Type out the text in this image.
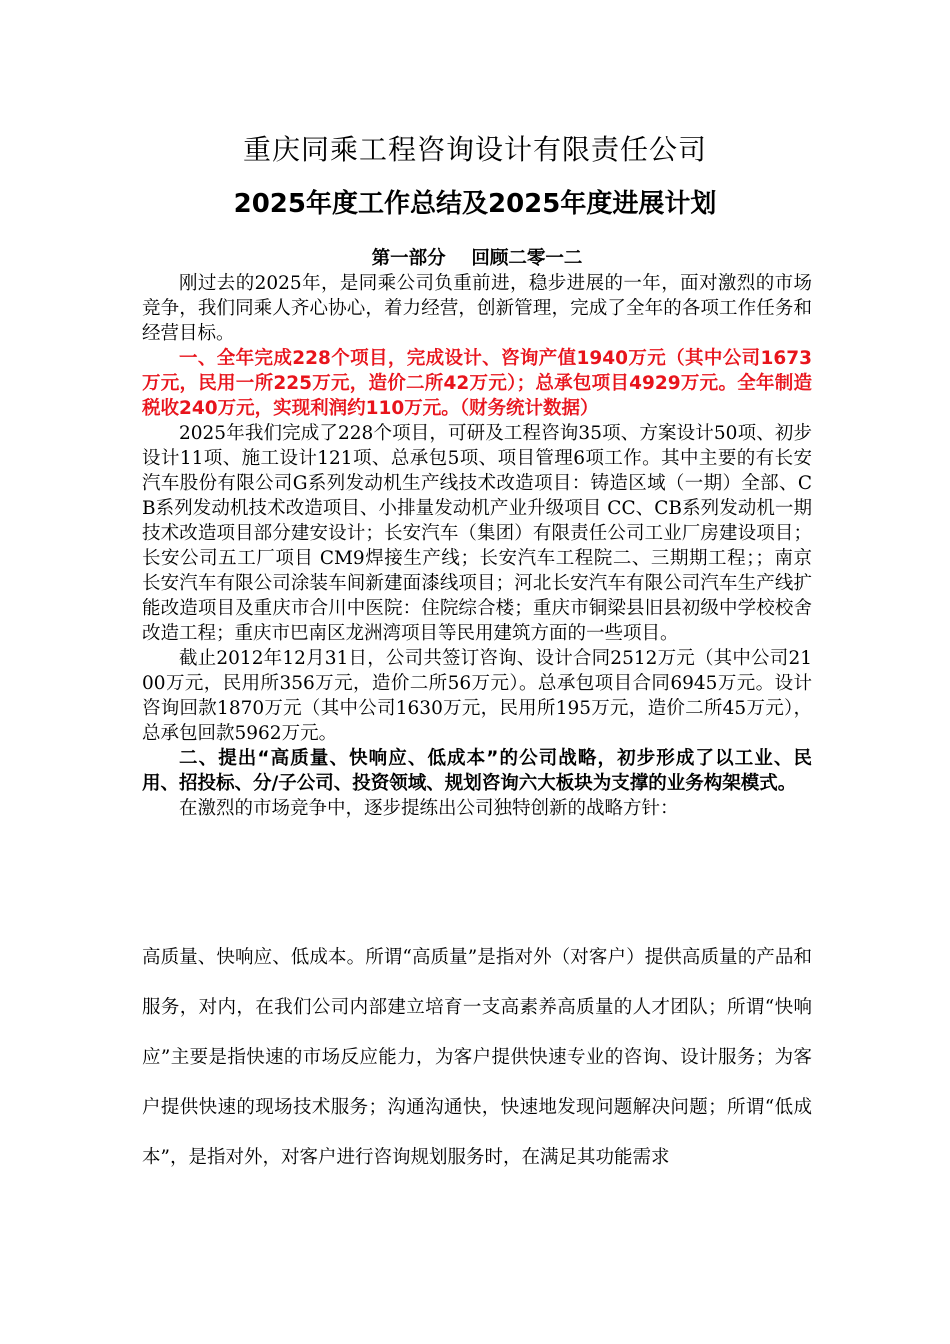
重庆同乘工程咨询设计有限责任公司
2025年度工作总结及2025年度进展计划
第一部分    回顾二零一二

刚过去的2025年，是同乘公司负重前进，稳步进展的一年，面对激烈的市场竞争，我们同乘人齐心协心，着力经营，创新管理，完成了全年的各项工作任务和经营目标。

一、全年完成228个项目，完成设计、咨询产值1940万元（其中公司1673万元，民用一所225万元，造价二所42万元）；总承包项目4929万元。全年制造税收240万元，实现利润约110万元。（财务统计数据）

2025年我们完成了228个项目，可研及工程咨询35项、方案设计50项、初步设计11项、施工设计121项、总承包5项、项目管理6项工作。其中主要的有长安汽车股份有限公司G系列发动机生产线技术改造项目：铸造区域（一期）全部、CB系列发动机技术改造项目、小排量发动机产业升级项目 CC、CB系列发动机一期技术改造项目部分建安设计；长安汽车（集团）有限责任公司工业厂房建设项目；长安公司五工厂项目 CM9焊接生产线；长安汽车工程院二、三期期工程；；南京长安汽车有限公司涂装车间新建面漆线项目；河北长安汽车有限公司汽车生产线扩能改造项目及重庆市合川中医院：住院综合楼；重庆市铜梁县旧县初级中学校校舍改造工程；重庆市巴南区龙洲湾项目等民用建筑方面的一些项目。

截止2012年12月31日，公司共签订咨询、设计合同2512万元（其中公司2100万元，民用所356万元，造价二所56万元）。总承包项目合同6945万元。设计咨询回款1870万元（其中公司1630万元，民用所195万元，造价二所45万元），总承包回款5962万元。

二、提出“高质量、快响应、低成本”的公司战略，初步形成了以工业、民用、招投标、分/子公司、投资领域、规划咨询六大板块为支撑的业务构架模式。

在激烈的市场竞争中，逐步提练出公司独特创新的战略方针：

高质量、快响应、低成本。所谓“高质量”是指对外（对客户）提供高质量的产品和服务，对内，在我们公司内部建立培育一支高素养高质量的人才团队；所谓“快响应”主要是指快速的市场反应能力，为客户提供快速专业的咨询、设计服务；为客户提供快速的现场技术服务；沟通沟通快，快速地发现问题解决问题；所谓“低成本”，是指对外，对客户进行咨询规划服务时，在满足其功能需求
